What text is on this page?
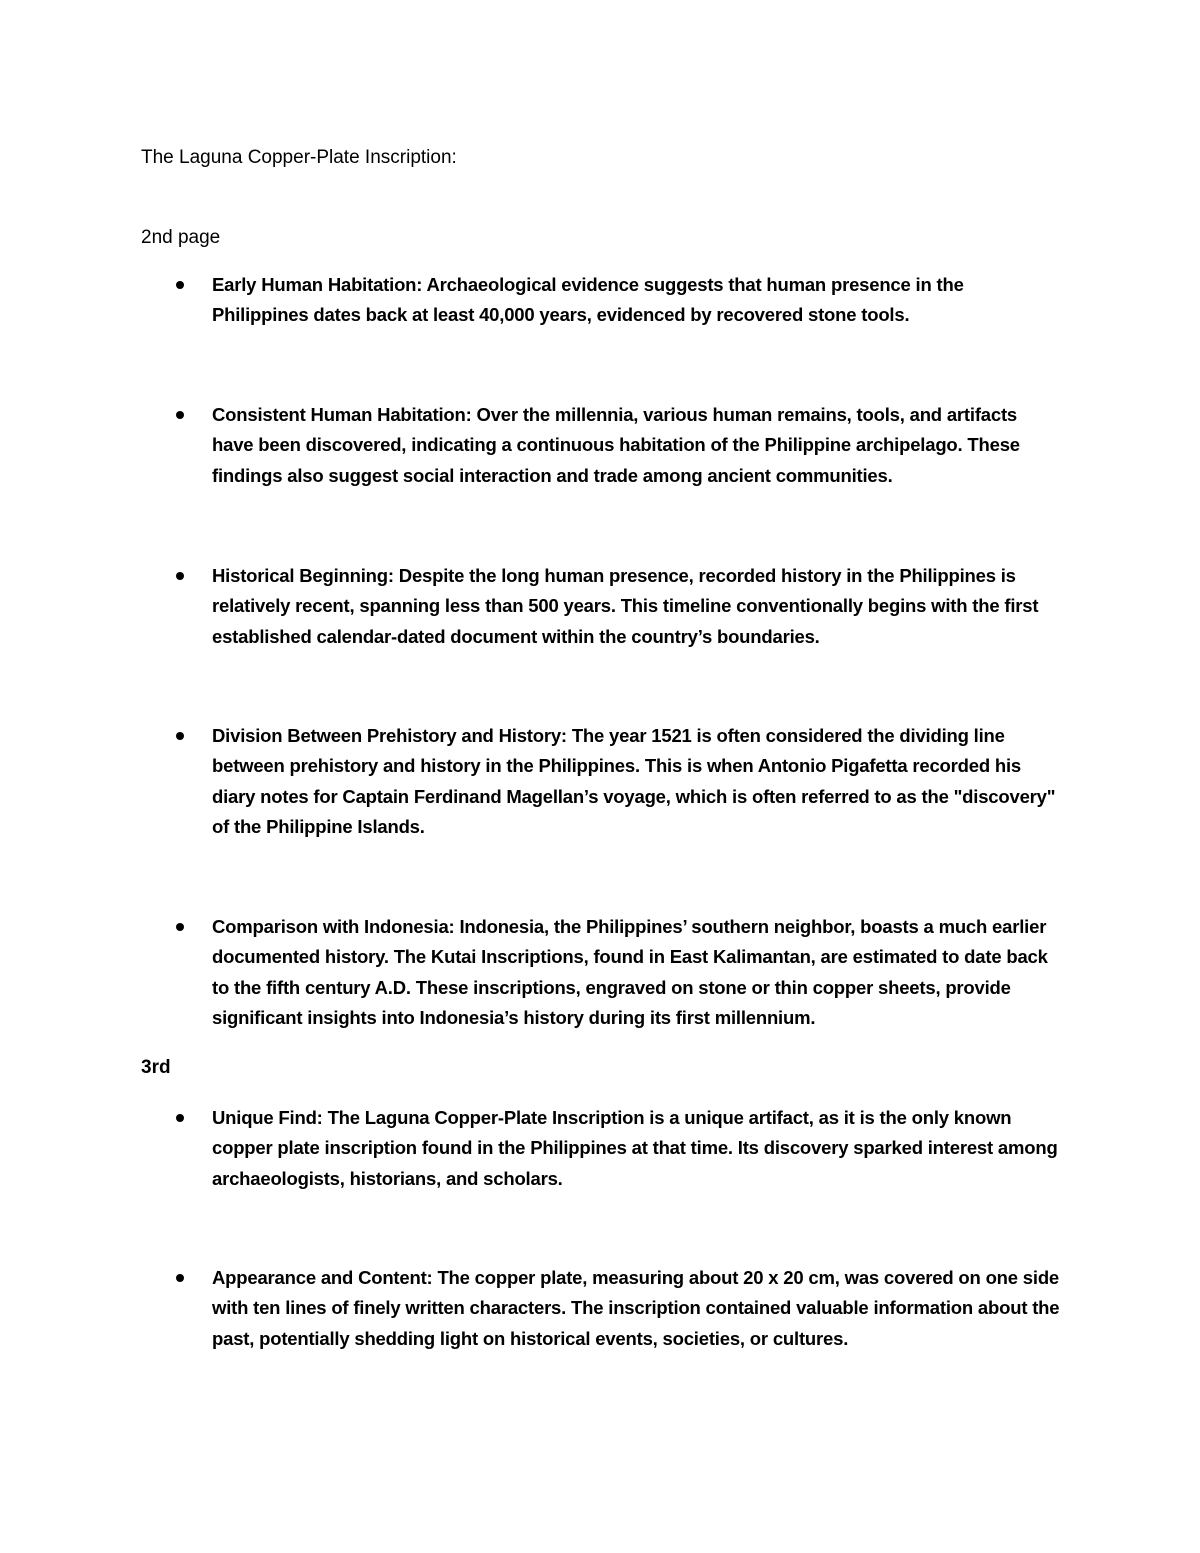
The Laguna Copper-Plate Inscription:

2nd page

Early Human Habitation: Archaeological evidence suggests that human presence in the Philippines dates back at least 40,000 years, evidenced by recovered stone tools.
Consistent Human Habitation: Over the millennia, various human remains, tools, and artifacts have been discovered, indicating a continuous habitation of the Philippine archipelago. These findings also suggest social interaction and trade among ancient communities.
Historical Beginning: Despite the long human presence, recorded history in the Philippines is relatively recent, spanning less than 500 years. This timeline conventionally begins with the first established calendar-dated document within the country’s boundaries.
Division Between Prehistory and History: The year 1521 is often considered the dividing line between prehistory and history in the Philippines. This is when Antonio Pigafetta recorded his diary notes for Captain Ferdinand Magellan’s voyage, which is often referred to as the "discovery" of the Philippine Islands.
Comparison with Indonesia: Indonesia, the Philippines’ southern neighbor, boasts a much earlier documented history. The Kutai Inscriptions, found in East Kalimantan, are estimated to date back to the fifth century A.D. These inscriptions, engraved on stone or thin copper sheets, provide significant insights into Indonesia’s history during its first millennium.

3rd

Unique Find: The Laguna Copper-Plate Inscription is a unique artifact, as it is the only known copper plate inscription found in the Philippines at that time. Its discovery sparked interest among archaeologists, historians, and scholars.
Appearance and Content: The copper plate, measuring about 20 x 20 cm, was covered on one side with ten lines of finely written characters. The inscription contained valuable information about the past, potentially shedding light on historical events, societies, or cultures.
